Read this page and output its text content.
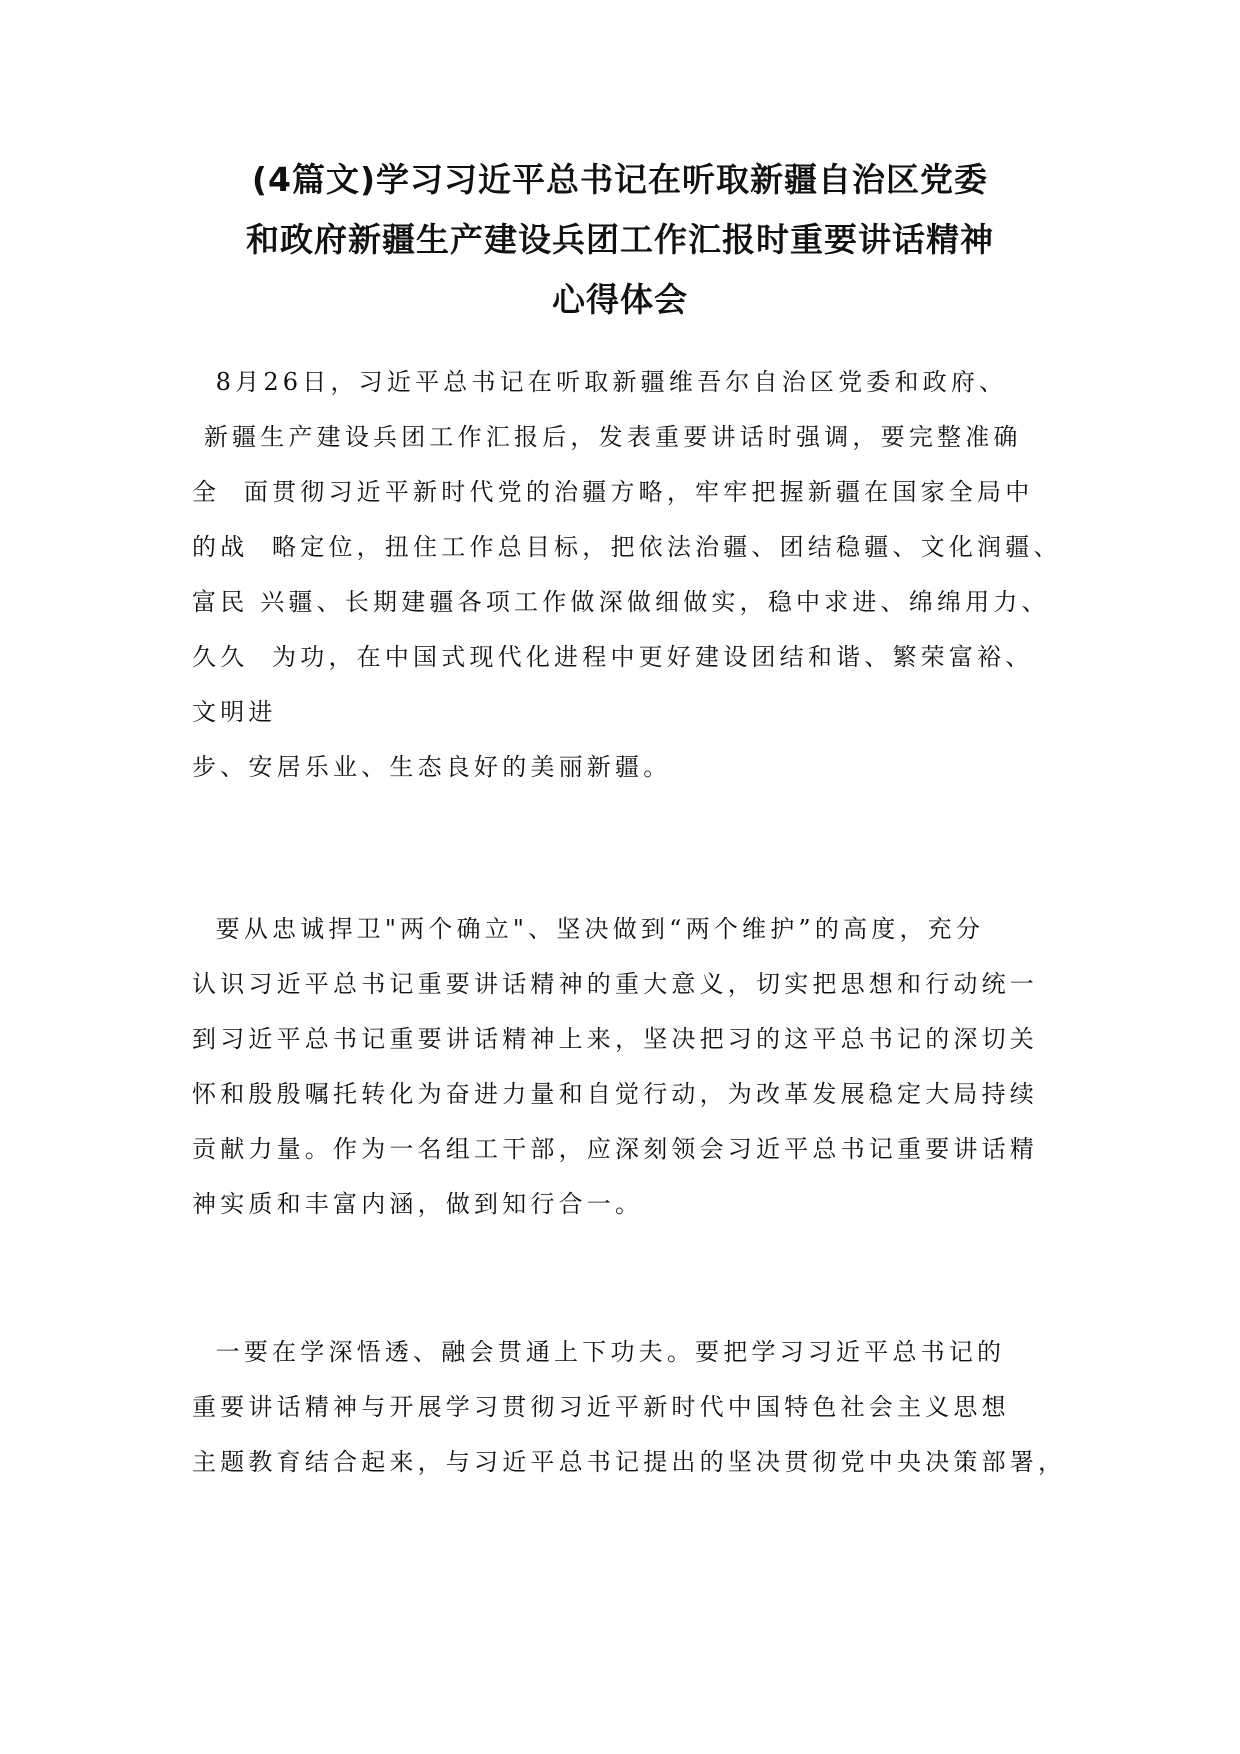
(4篇文)学习习近平总书记在听取新疆自治区党委
和政府新疆生产建设兵团工作汇报时重要讲话精神
心得体会
8月26日，习近平总书记在听取新疆维吾尔自治区党委和政府、
新疆生产建设兵团工作汇报后，发表重要讲话时强调，要完整准确
全  面贯彻习近平新时代党的治疆方略，牢牢把握新疆在国家全局中
的战  略定位，扭住工作总目标，把依法治疆、团结稳疆、文化润疆、
富民 兴疆、长期建疆各项工作做深做细做实，稳中求进、绵绵用力、
久久  为功，在中国式现代化进程中更好建设团结和谐、繁荣富裕、
文明进
步、安居乐业、生态良好的美丽新疆。
要从忠诚捍卫"两个确立"、坚决做到“两个维护”的高度，充分
认识习近平总书记重要讲话精神的重大意义，切实把思想和行动统一
到习近平总书记重要讲话精神上来，坚决把习的这平总书记的深切关
怀和殷殷嘱托转化为奋进力量和自觉行动，为改革发展稳定大局持续
贡献力量。作为一名组工干部，应深刻领会习近平总书记重要讲话精
神实质和丰富内涵，做到知行合一。
一要在学深悟透、融会贯通上下功夫。要把学习习近平总书记的
重要讲话精神与开展学习贯彻习近平新时代中国特色社会主义思想
主题教育结合起来，与习近平总书记提出的坚决贯彻党中央决策部署，
